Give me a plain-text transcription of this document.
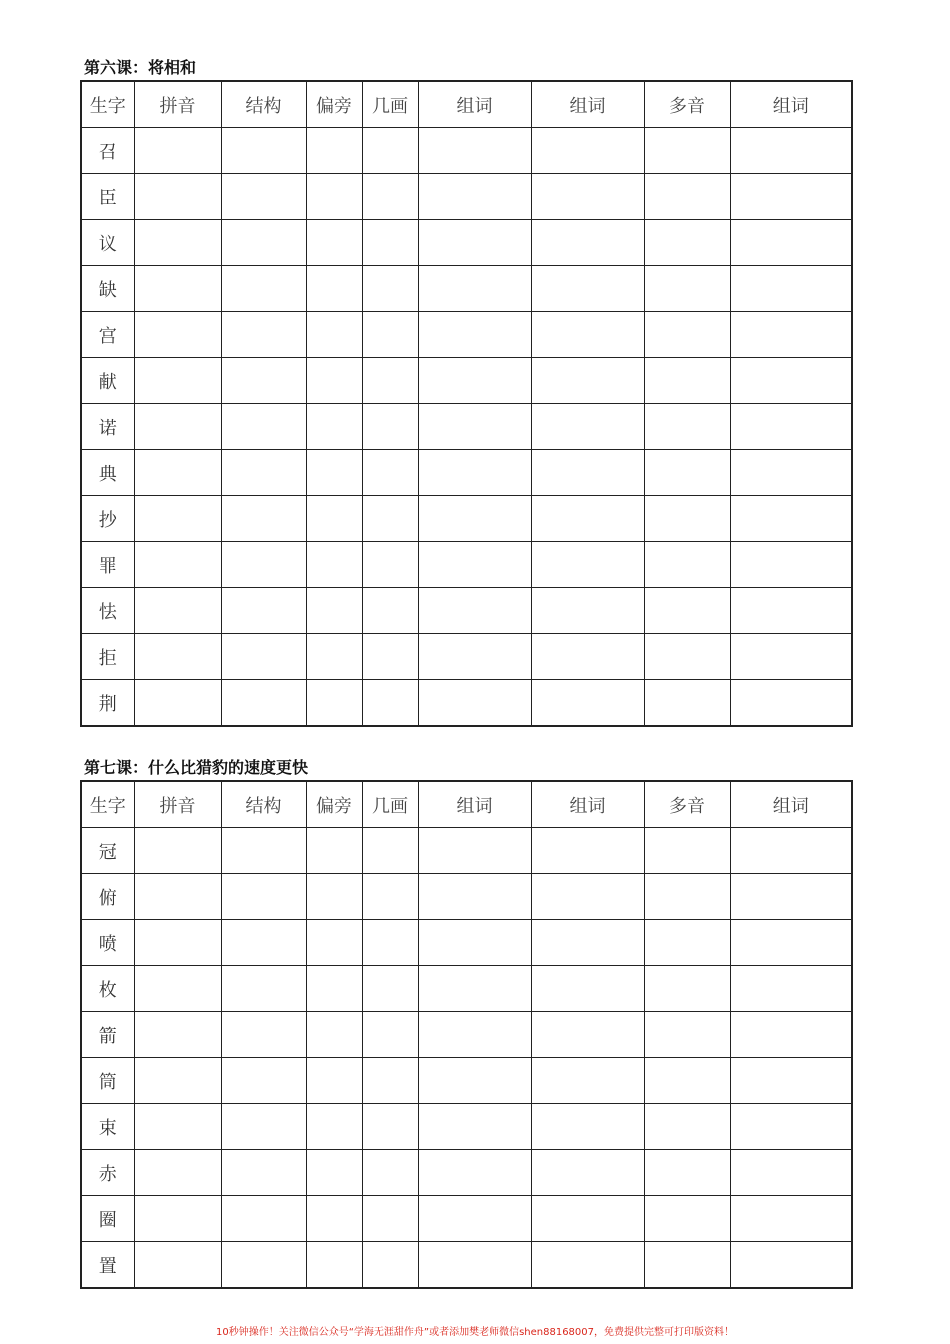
第六课：将相和
生字	拼音	结构	偏旁	几画	组词	组词	多音	组词
召								
臣								
议								
缺								
宫								
献								
诺								
典								
抄								
罪								
怯								
拒								
荆								
第七课：什么比猎豹的速度更快
生字	拼音	结构	偏旁	几画	组词	组词	多音	组词
冠								
俯								
喷								
枚								
箭								
筒								
束								
赤								
圈								
置								
10秒钟操作！关注微信公众号“学海无涯甜作舟”或者添加樊老师微信shen88168007，免费提供完整可打印版资料！
